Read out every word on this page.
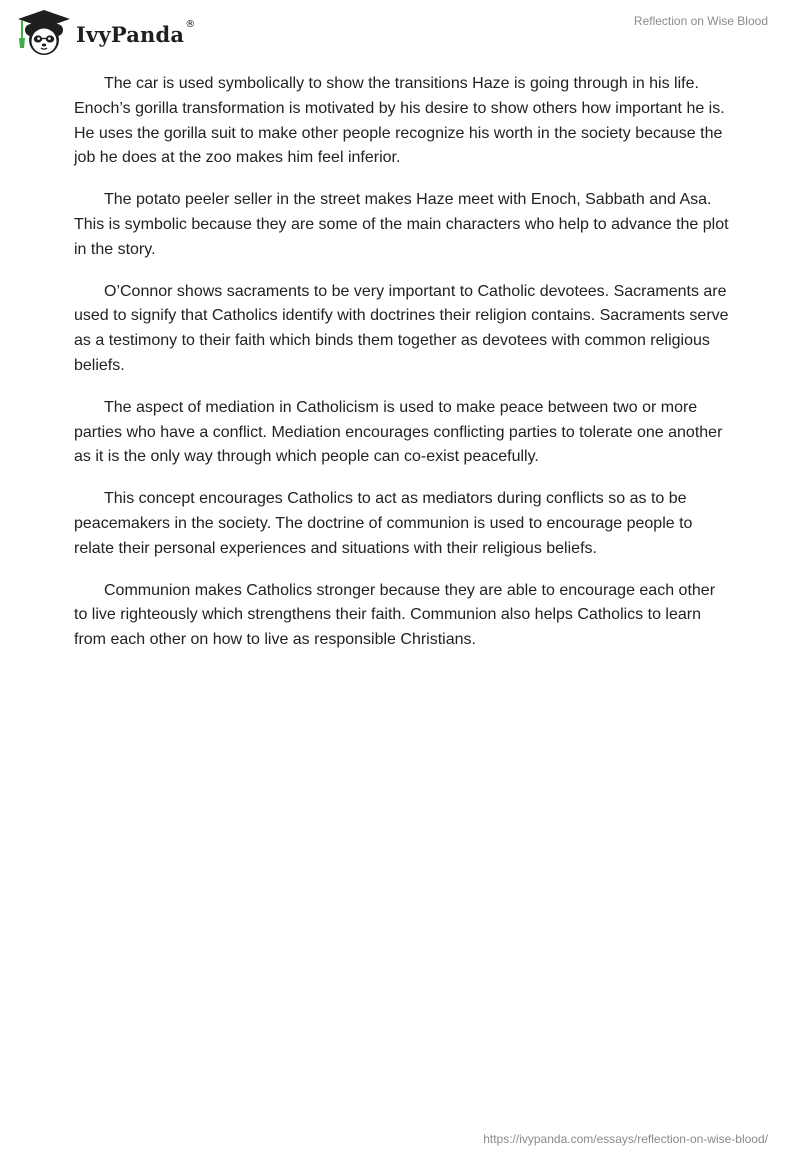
IvyPanda ®	Reflection on Wise Blood

The car is used symbolically to show the transitions Haze is going through in his life. Enoch’s gorilla transformation is motivated by his desire to show others how important he is. He uses the gorilla suit to make other people recognize his worth in the society because the job he does at the zoo makes him feel inferior.

The potato peeler seller in the street makes Haze meet with Enoch, Sabbath and Asa. This is symbolic because they are some of the main characters who help to advance the plot in the story.

O’Connor shows sacraments to be very important to Catholic devotees. Sacraments are used to signify that Catholics identify with doctrines their religion contains. Sacraments serve as a testimony to their faith which binds them together as devotees with common religious beliefs.

The aspect of mediation in Catholicism is used to make peace between two or more parties who have a conflict. Mediation encourages conflicting parties to tolerate one another as it is the only way through which people can co-exist peacefully.

This concept encourages Catholics to act as mediators during conflicts so as to be peacemakers in the society. The doctrine of communion is used to encourage people to relate their personal experiences and situations with their religious beliefs.

Communion makes Catholics stronger because they are able to encourage each other to live righteously which strengthens their faith. Communion also helps Catholics to learn from each other on how to live as responsible Christians.

https://ivypanda.com/essays/reflection-on-wise-blood/
